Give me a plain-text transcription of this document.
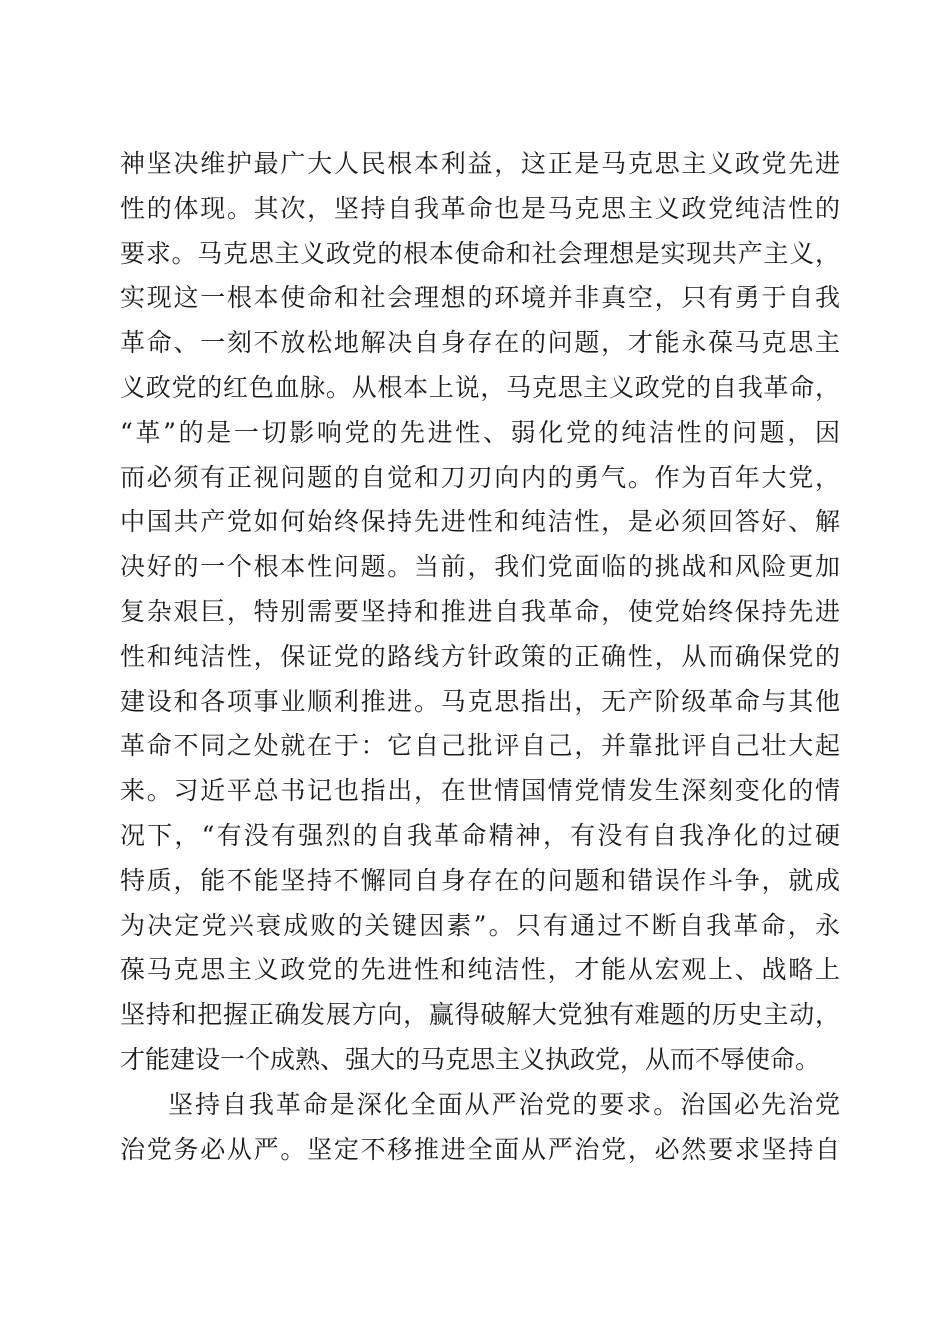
神坚决维护最广大人民根本利益，这正是马克思主义政党先进
性的体现。其次，坚持自我革命也是马克思主义政党纯洁性的
要求。马克思主义政党的根本使命和社会理想是实现共产主义，
实现这一根本使命和社会理想的环境并非真空，只有勇于自我
革命、一刻不放松地解决自身存在的问题，才能永葆马克思主
义政党的红色血脉。从根本上说，马克思主义政党的自我革命，
“革”的是一切影响党的先进性、弱化党的纯洁性的问题，因
而必须有正视问题的自觉和刀刃向内的勇气。作为百年大党，
中国共产党如何始终保持先进性和纯洁性，是必须回答好、解
决好的一个根本性问题。当前，我们党面临的挑战和风险更加
复杂艰巨，特别需要坚持和推进自我革命，使党始终保持先进
性和纯洁性，保证党的路线方针政策的正确性，从而确保党的
建设和各项事业顺利推进。马克思指出，无产阶级革命与其他
革命不同之处就在于：它自己批评自己，并靠批评自己壮大起
来。习近平总书记也指出，在世情国情党情发生深刻变化的情
况下，“有没有强烈的自我革命精神，有没有自我净化的过硬
特质，能不能坚持不懈同自身存在的问题和错误作斗争，就成
为决定党兴衰成败的关键因素”。只有通过不断自我革命，永
葆马克思主义政党的先进性和纯洁性，才能从宏观上、战略上
坚持和把握正确发展方向，赢得破解大党独有难题的历史主动，
才能建设一个成熟、强大的马克思主义执政党，从而不辱使命。
坚持自我革命是深化全面从严治党的要求。治国必先治党
治党务必从严。坚定不移推进全面从严治党，必然要求坚持自
